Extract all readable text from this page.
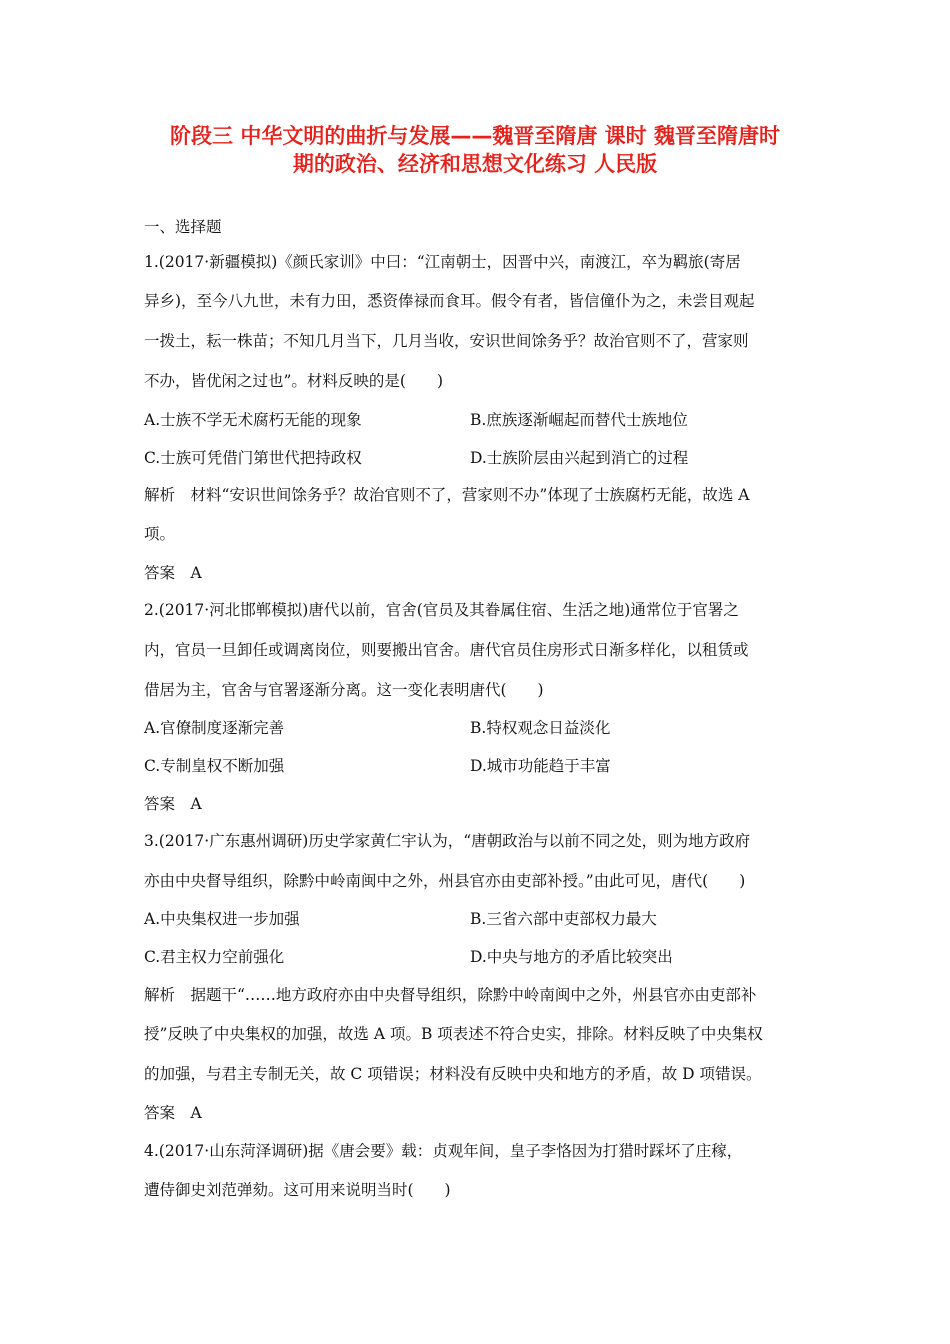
阶段三 中华文明的曲折与发展——魏晋至隋唐 课时 魏晋至隋唐时
期的政治、经济和思想文化练习 人民版
一、选择题
1.(2017·新疆模拟)《颜氏家训》中曰：“江南朝士，因晋中兴，南渡江，卒为羁旅(寄居
异乡)，至今八九世，未有力田，悉资俸禄而食耳。假令有者，皆信僮仆为之，未尝目观起
一拨土，耘一株苗；不知几月当下，几月当收，安识世间馀务乎？故治官则不了，营家则
不办，皆优闲之过也”。材料反映的是(　　)
A.士族不学无术腐朽无能的现象	B.庶族逐渐崛起而替代士族地位
C.士族可凭借门第世代把持政权	D.士族阶层由兴起到消亡的过程
解析　材料“安识世间馀务乎？故治官则不了，营家则不办”体现了士族腐朽无能，故选 A
项。
答案　A
2.(2017·河北邯郸模拟)唐代以前，官舍(官员及其眷属住宿、生活之地)通常位于官署之
内，官员一旦卸任或调离岗位，则要搬出官舍。唐代官员住房形式日渐多样化，以租赁或
借居为主，官舍与官署逐渐分离。这一变化表明唐代(　　)
A.官僚制度逐渐完善	B.特权观念日益淡化
C.专制皇权不断加强	D.城市功能趋于丰富
答案　A
3.(2017·广东惠州调研)历史学家黄仁宇认为，“唐朝政治与以前不同之处，则为地方政府
亦由中央督导组织，除黔中岭南闽中之外，州县官亦由吏部补授。”由此可见，唐代(　　)
A.中央集权进一步加强	B.三省六部中吏部权力最大
C.君主权力空前强化	D.中央与地方的矛盾比较突出
解析　据题干“……地方政府亦由中央督导组织，除黔中岭南闽中之外，州县官亦由吏部补
授”反映了中央集权的加强，故选 A 项。B 项表述不符合史实，排除。材料反映了中央集权
的加强，与君主专制无关，故 C 项错误；材料没有反映中央和地方的矛盾，故 D 项错误。
答案　A
4.(2017·山东菏泽调研)据《唐会要》载：贞观年间，皇子李恪因为打猎时踩坏了庄稼，
遭侍御史刘范弹劾。这可用来说明当时(　　)
